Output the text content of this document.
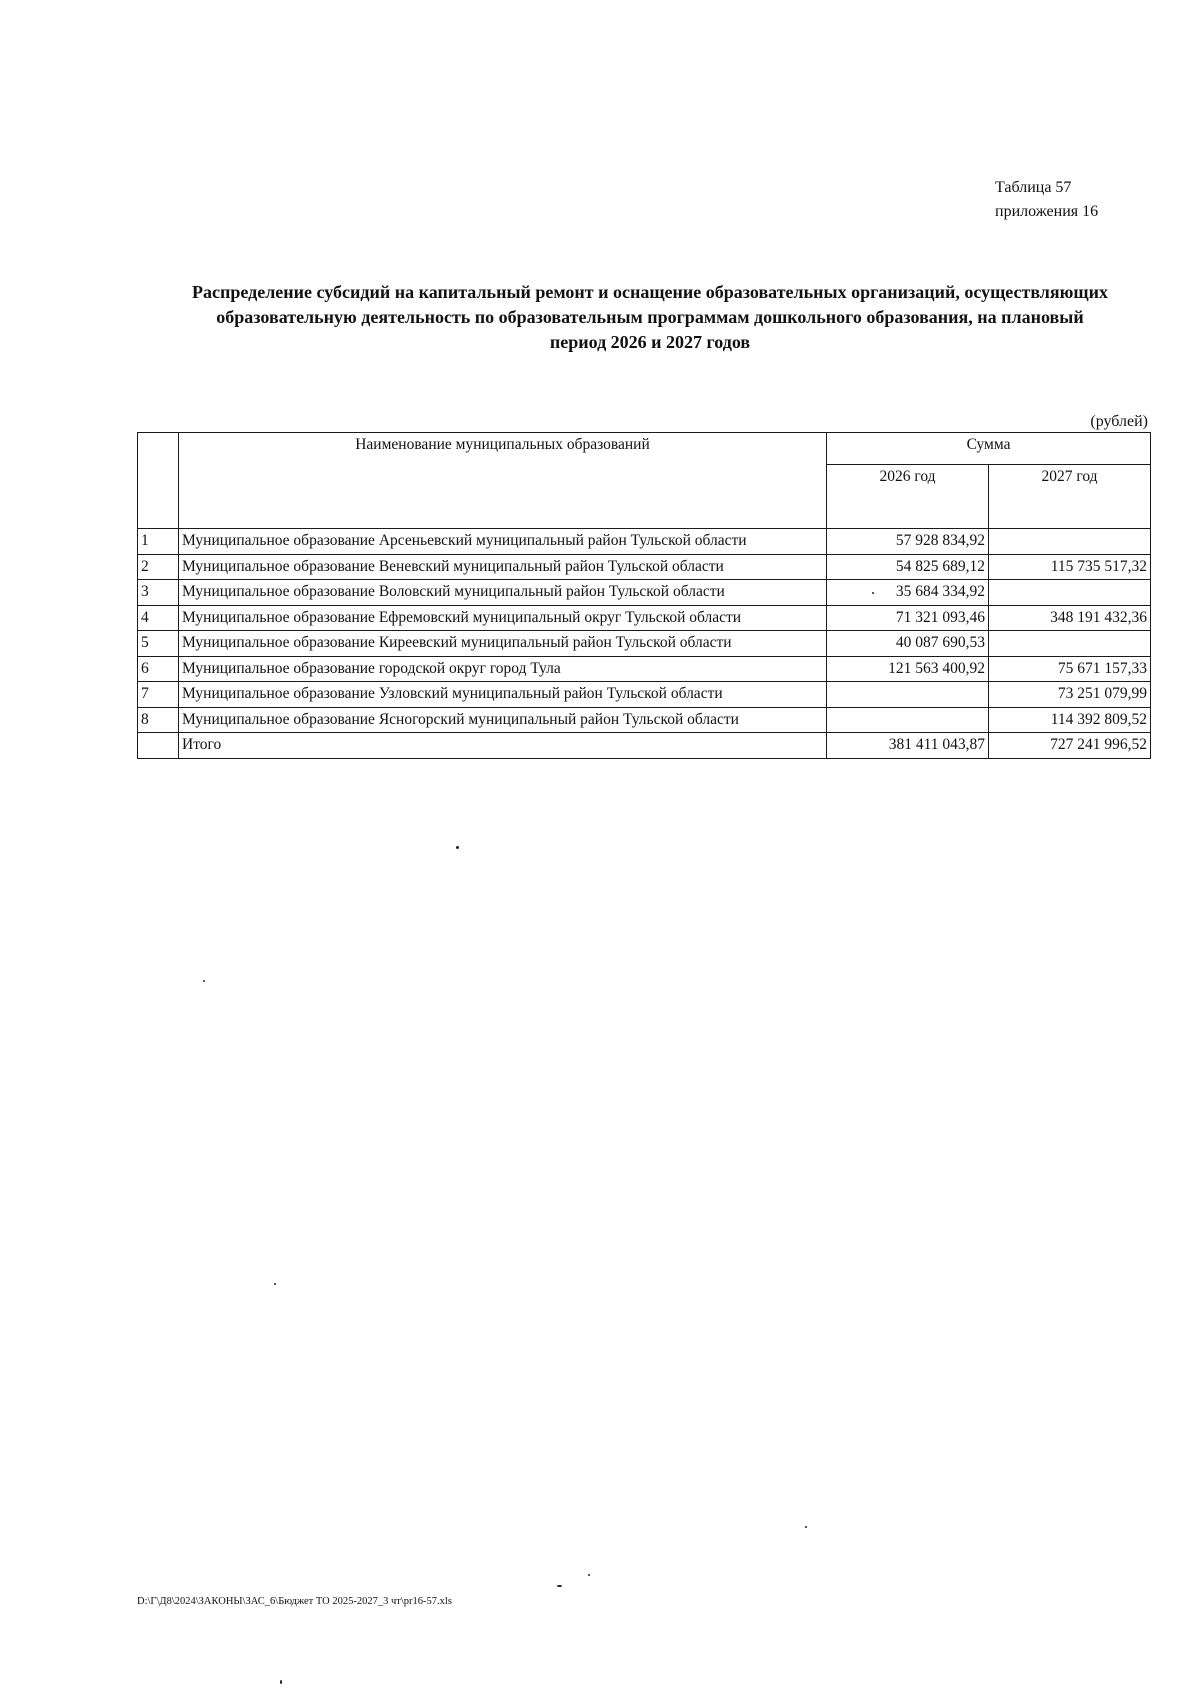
Таблица 57
приложения 16
Распределение субсидий на капитальный ремонт и оснащение образовательных организаций, осуществляющих
образовательную деятельность по образовательным программам дошкольного образования, на плановый
период 2026 и 2027 годов
(рублей)
	Наименование муниципальных образований	Сумма	
		2026 год	2027 год
1	Муниципальное образование Арсеньевский муниципальный район Тульской области	57 928 834,92	
2	Муниципальное образование Веневский муниципальный район Тульской области	54 825 689,12	115 735 517,32
3	Муниципальное образование Воловский муниципальный район Тульской области	35 684 334,92	
4	Муниципальное образование Ефремовский муниципальный округ Тульской области	71 321 093,46	348 191 432,36
5	Муниципальное образование Киреевский муниципальный район Тульской области	40 087 690,53	
6	Муниципальное образование городской округ город Тула	121 563 400,92	75 671 157,33
7	Муниципальное образование Узловский муниципальный район Тульской области		73 251 079,99
8	Муниципальное образование Ясногорский муниципальный район Тульской области		114 392 809,52
	Итого	381 411 043,87	727 241 996,52
D:\Г\Д8\2024\ЗАКОНЫ\ЗАС_6\Бюджет ТО 2025-2027_3 чт\pr16-57.xls
